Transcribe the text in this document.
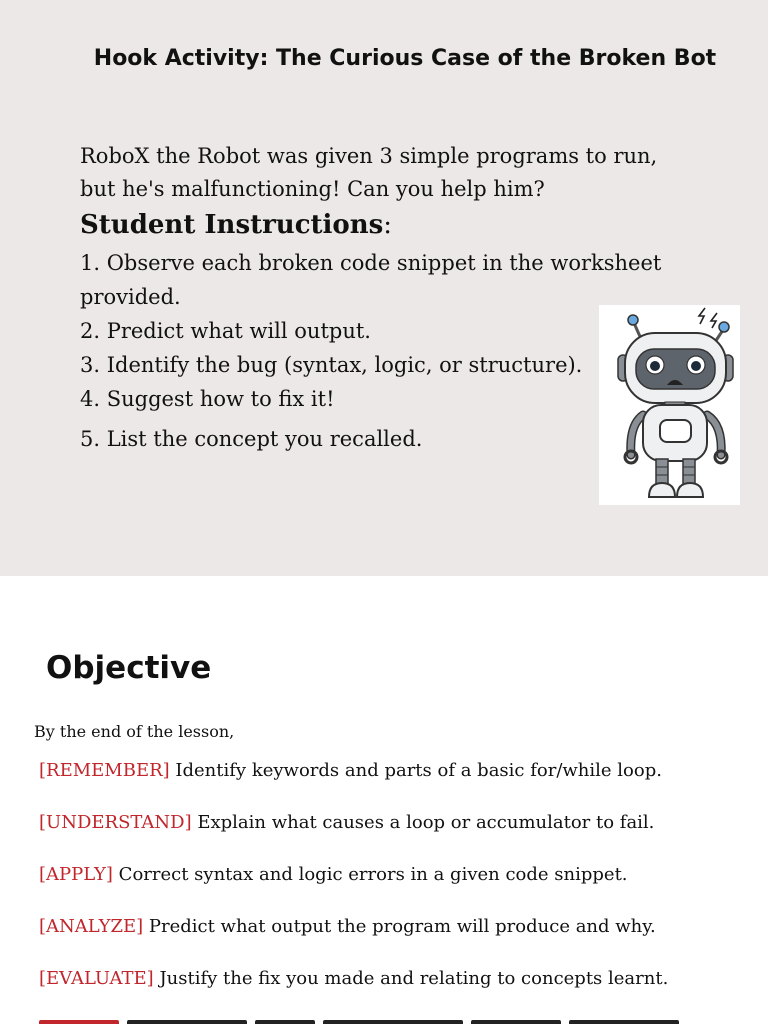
Hook Activity: The Curious Case of the Broken Bot
RoboX the Robot was given 3 simple programs to run,
but he's malfunctioning! Can you help him?
Student Instructions:
1. Observe each broken code snippet in the worksheet provided.
2. Predict what will output.
3. Identify the bug (syntax, logic, or structure).
4. Suggest how to fix it!
5. List the concept you recalled.
Objective
By the end of the lesson,
[REMEMBER] Identify keywords and parts of a basic for/while loop.
[UNDERSTAND] Explain what causes a loop or accumulator to fail.
[APPLY] Correct syntax and logic errors in a given code snippet.
[ANALYZE] Predict what output the program will produce and why.
[EVALUATE] Justify the fix you made and relating to concepts learnt.
